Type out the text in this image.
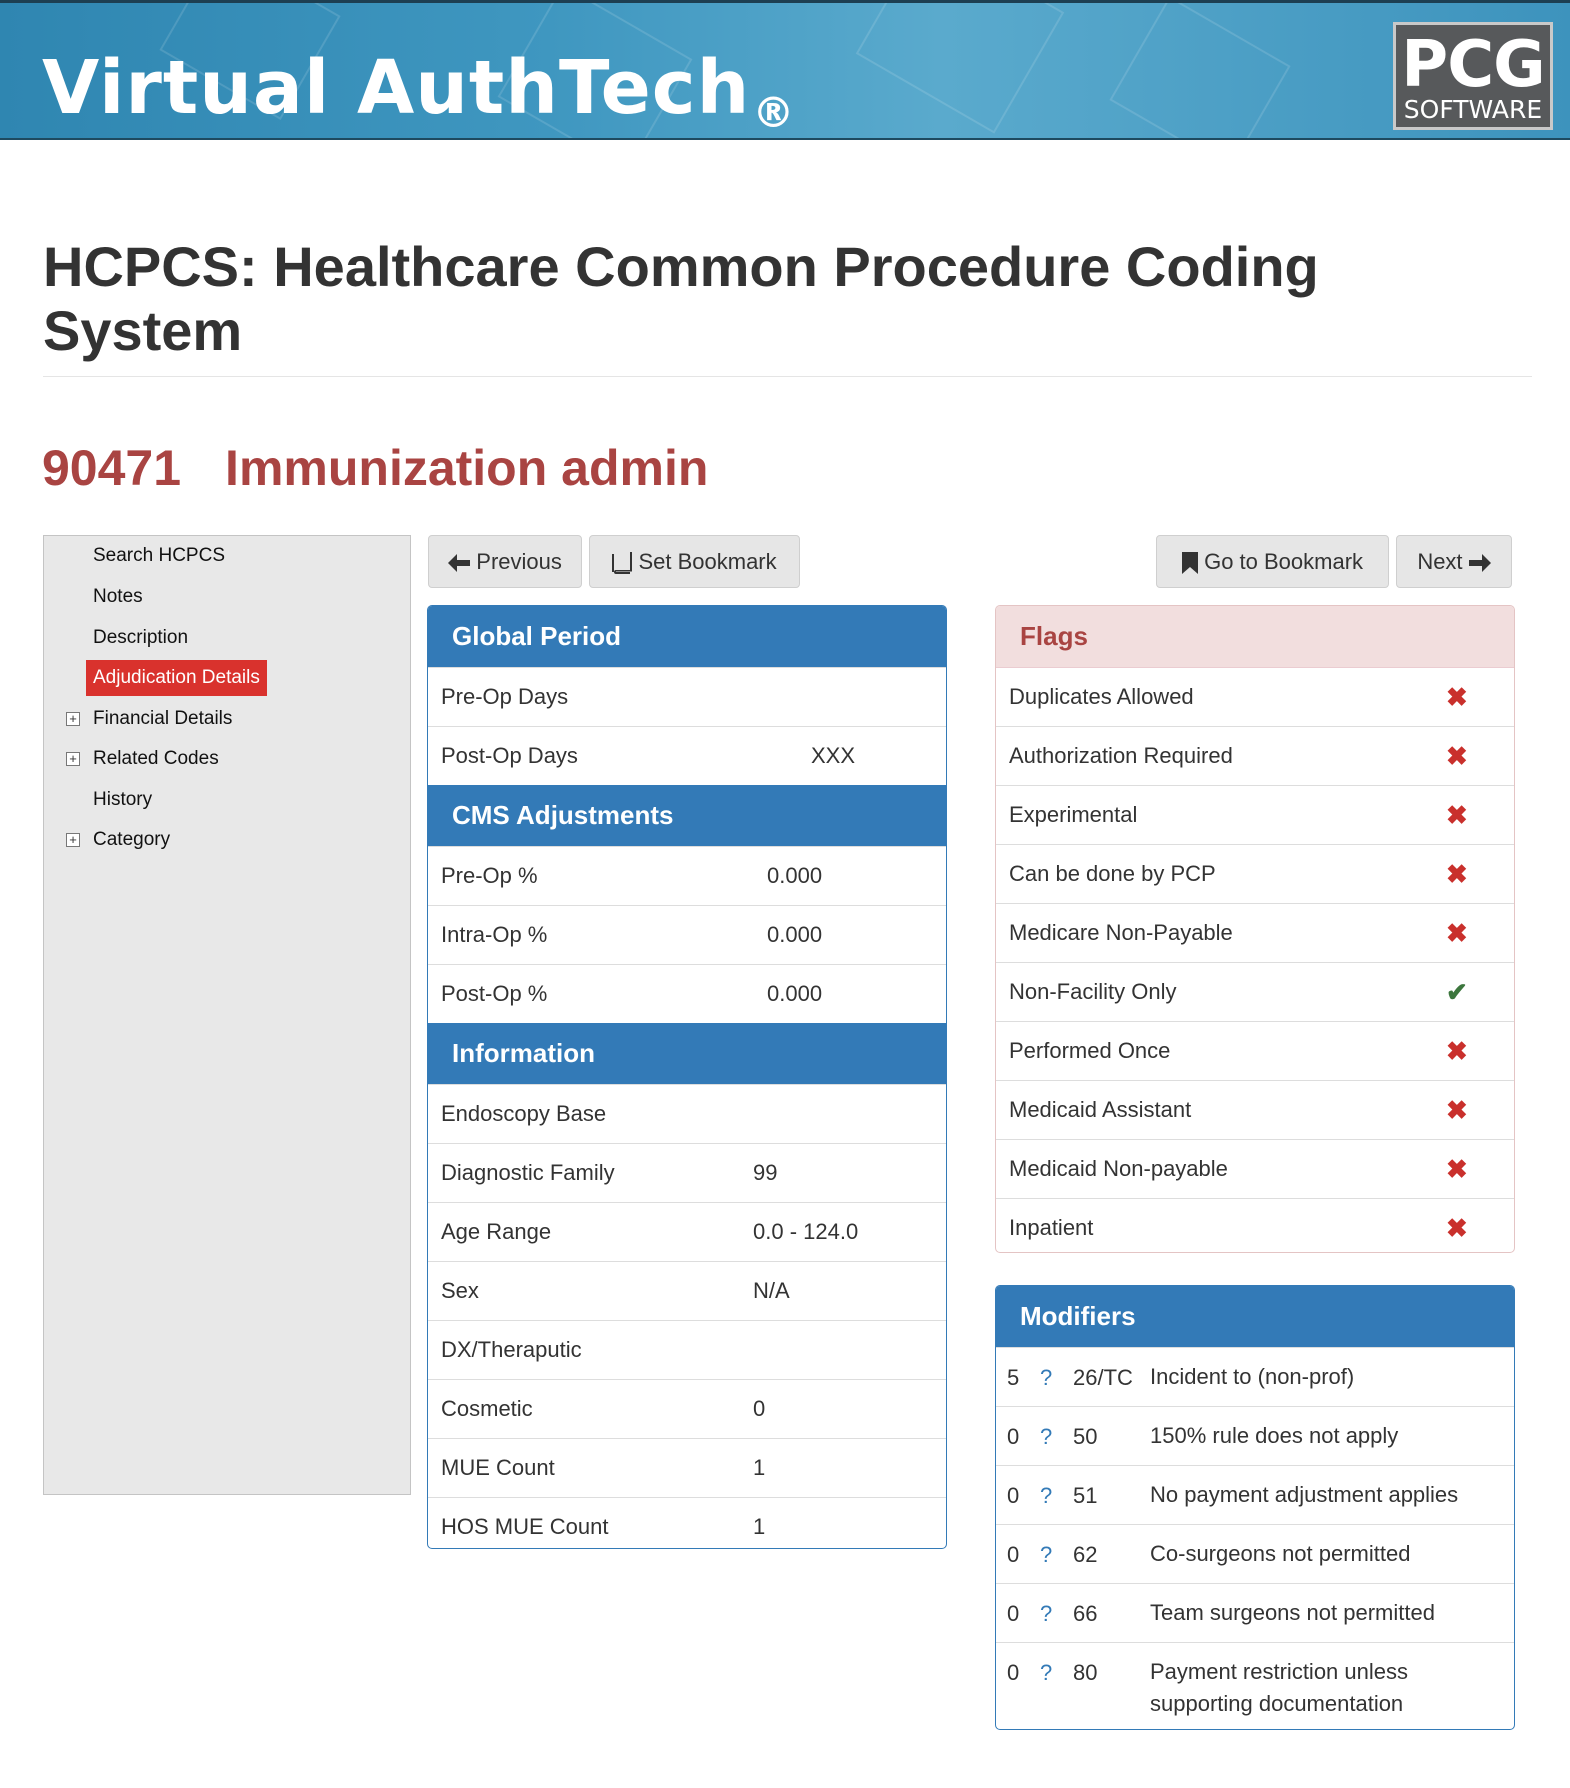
Virtual AuthTech®
PCG
SOFTWARE
HCPCS: Healthcare Common Procedure Coding System
90471 Immunization admin
Search HCPCS
Notes
Description
Adjudication Details
+ Financial Details
+ Related Codes
History
+ Category
Previous	Set Bookmark	Go to Bookmark	Next
Global Period
Pre-Op Days
Post-Op Days	XXX
CMS Adjustments
Pre-Op %	0.000
Intra-Op %	0.000
Post-Op %	0.000
Information
Endoscopy Base
Diagnostic Family	99
Age Range	0.0 - 124.0
Sex	N/A
DX/Theraputic
Cosmetic	0
MUE Count	1
HOS MUE Count	1
Flags
Duplicates Allowed	✖
Authorization Required	✖
Experimental	✖
Can be done by PCP	✖
Medicare Non-Payable	✖
Non-Facility Only	✔
Performed Once	✖
Medicaid Assistant	✖
Medicaid Non-payable	✖
Inpatient	✖
Modifiers
5 ? 26/TC Incident to (non-prof)
0 ? 50 150% rule does not apply
0 ? 51 No payment adjustment applies
0 ? 62 Co-surgeons not permitted
0 ? 66 Team surgeons not permitted
0 ? 80 Payment restriction unless supporting documentation
